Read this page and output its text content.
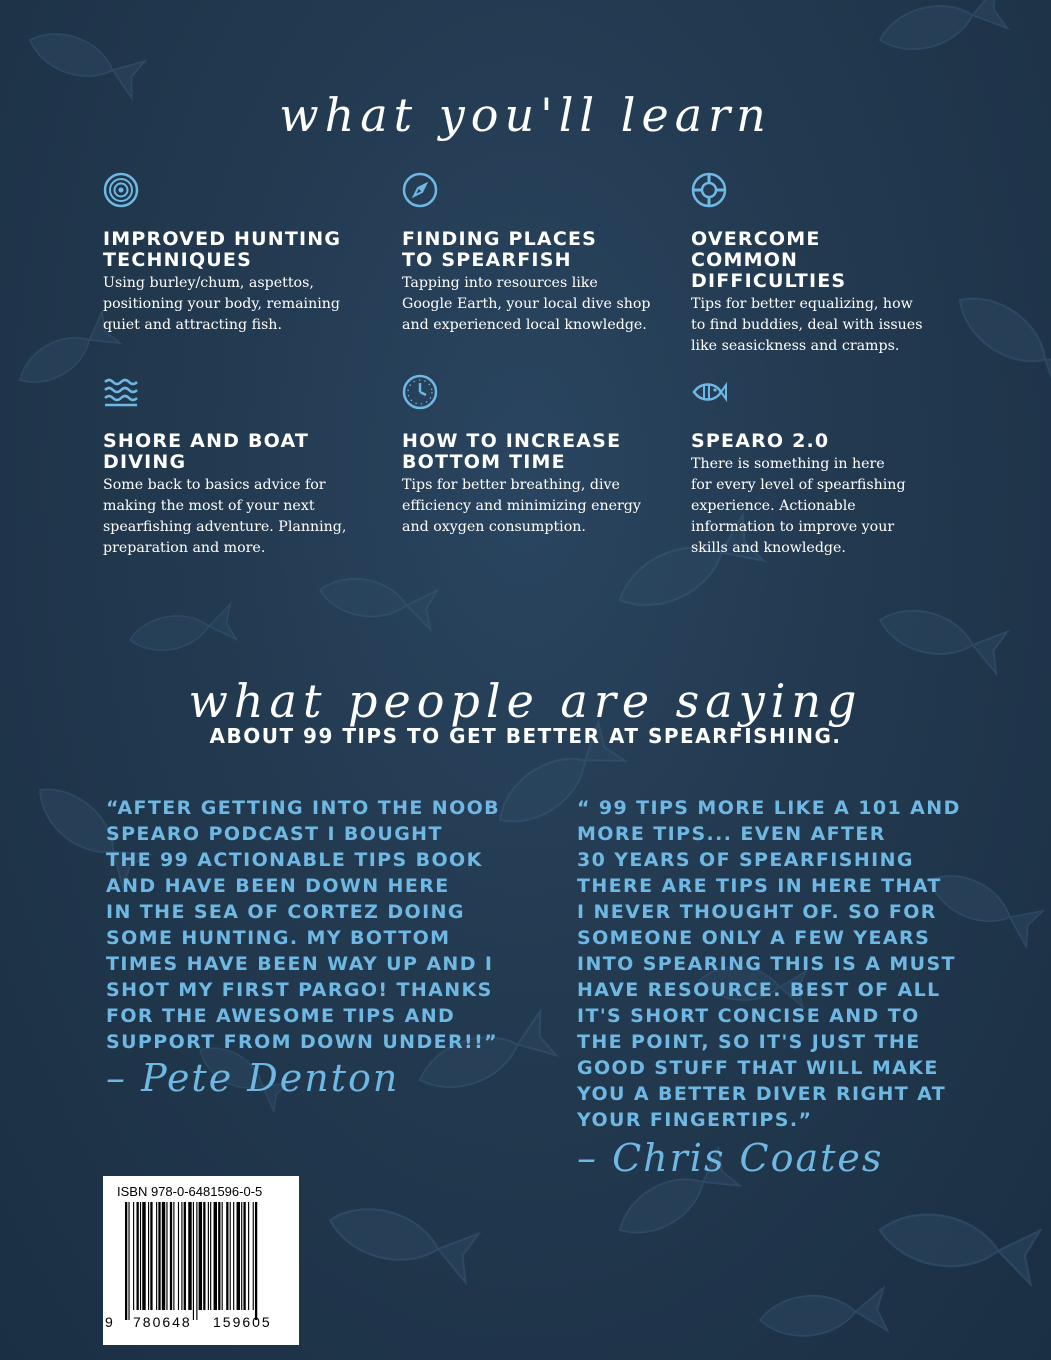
what you'll learn
IMPROVED HUNTING
TECHNIQUES
Using burley/chum, aspettos,
positioning your body, remaining
quiet and attracting fish.
FINDING PLACES
TO SPEARFISH
Tapping into resources like
Google Earth, your local dive shop
and experienced local knowledge.
OVERCOME
COMMON
DIFFICULTIES
Tips for better equalizing, how
to find buddies, deal with issues
like seasickness and cramps.
SHORE AND BOAT
DIVING
Some back to basics advice for
making the most of your next
spearfishing adventure. Planning,
preparation and more.
HOW TO INCREASE
BOTTOM TIME
Tips for better breathing, dive
efficiency and minimizing energy
and oxygen consumption.
SPEARO 2.0
There is something in here
for every level of spearfishing
experience. Actionable
information to improve your
skills and knowledge.
what people are saying
ABOUT 99 TIPS TO GET BETTER AT SPEARFISHING.
“AFTER GETTING INTO THE NOOB
SPEARO PODCAST I BOUGHT
THE 99 ACTIONABLE TIPS BOOK
AND HAVE BEEN DOWN HERE
IN THE SEA OF CORTEZ DOING
SOME HUNTING. MY BOTTOM
TIMES HAVE BEEN WAY UP AND I
SHOT MY FIRST PARGO! THANKS
FOR THE AWESOME TIPS AND
SUPPORT FROM DOWN UNDER!!”
– Pete Denton
“ 99 TIPS MORE LIKE A 101 AND
MORE TIPS... EVEN AFTER
30 YEARS OF SPEARFISHING
THERE ARE TIPS IN HERE THAT
I NEVER THOUGHT OF. SO FOR
SOMEONE ONLY A FEW YEARS
INTO SPEARING THIS IS A MUST
HAVE RESOURCE. BEST OF ALL
IT'S SHORT CONCISE AND TO
THE POINT, SO IT'S JUST THE
GOOD STUFF THAT WILL MAKE
YOU A BETTER DIVER RIGHT AT
YOUR FINGERTIPS.”
– Chris Coates
ISBN 978-0-6481596-0-5
9 780648 159605
